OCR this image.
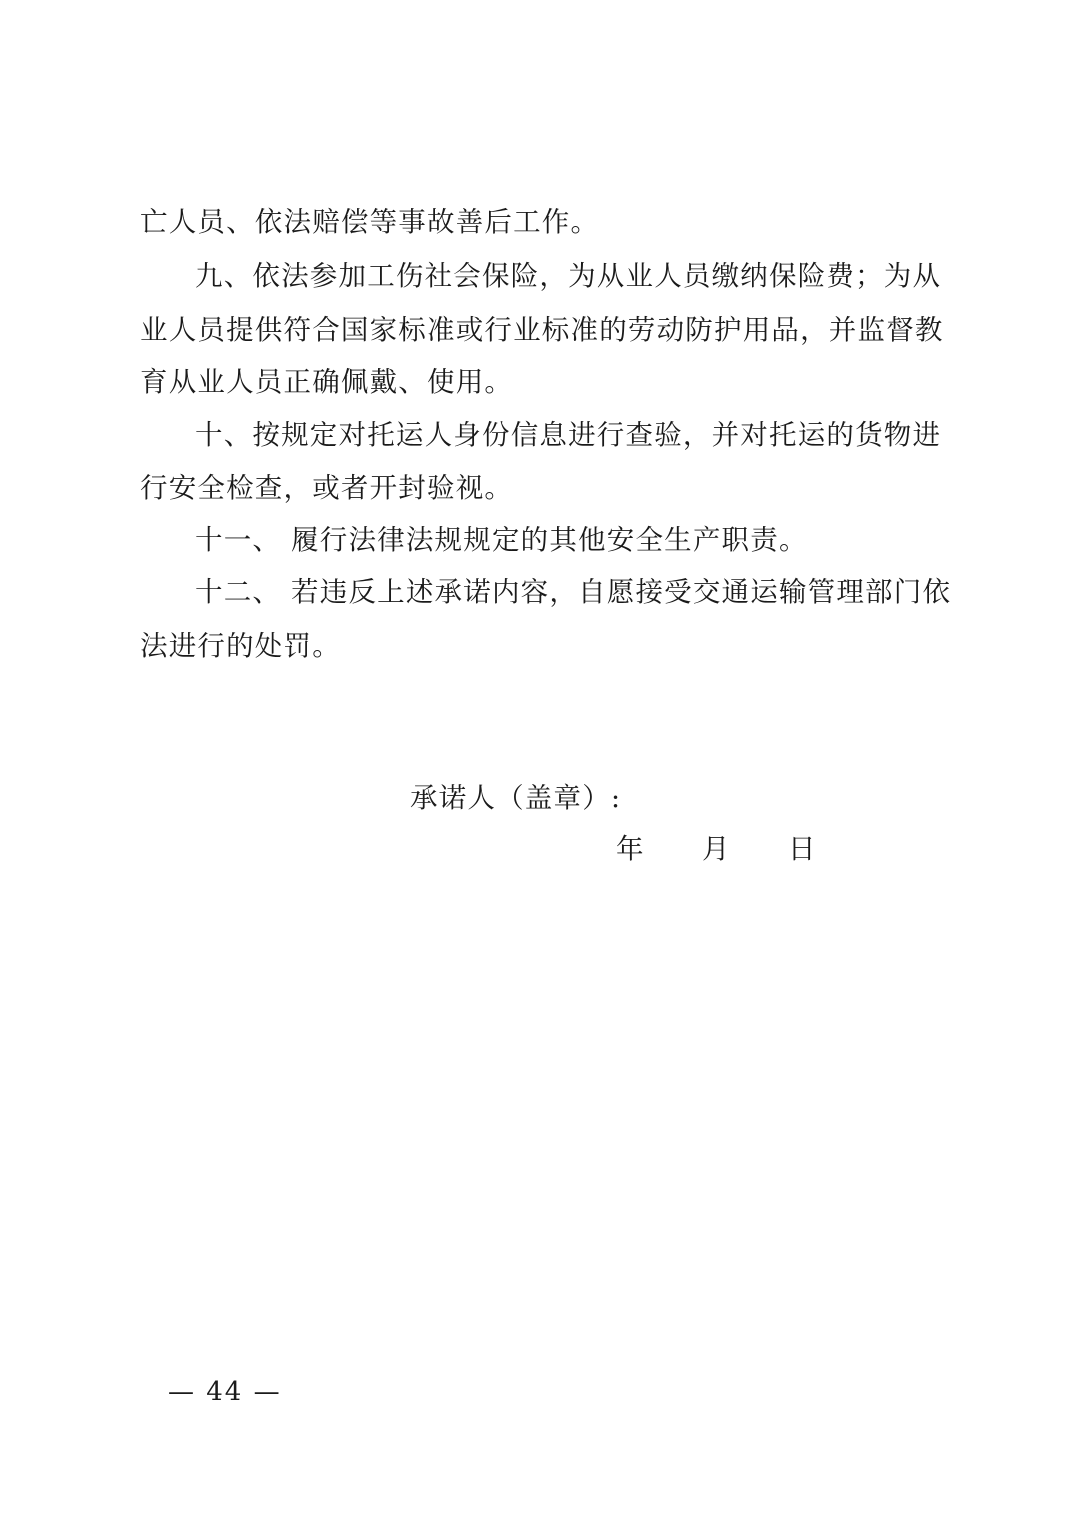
亡人员、依法赔偿等事故善后工作。
九、依法参加工伤社会保险，为从业人员缴纳保险费；为从
业人员提供符合国家标准或行业标准的劳动防护用品，并监督教
育从业人员正确佩戴、使用。
十、按规定对托运人身份信息进行查验，并对托运的货物进
行安全检查，或者开封验视。
十一、 履行法律法规规定的其他安全生产职责。
十二、 若违反上述承诺内容，自愿接受交通运输管理部门依
法进行的处罚。
承诺人（盖章）:
年 月 日
— 44 —
